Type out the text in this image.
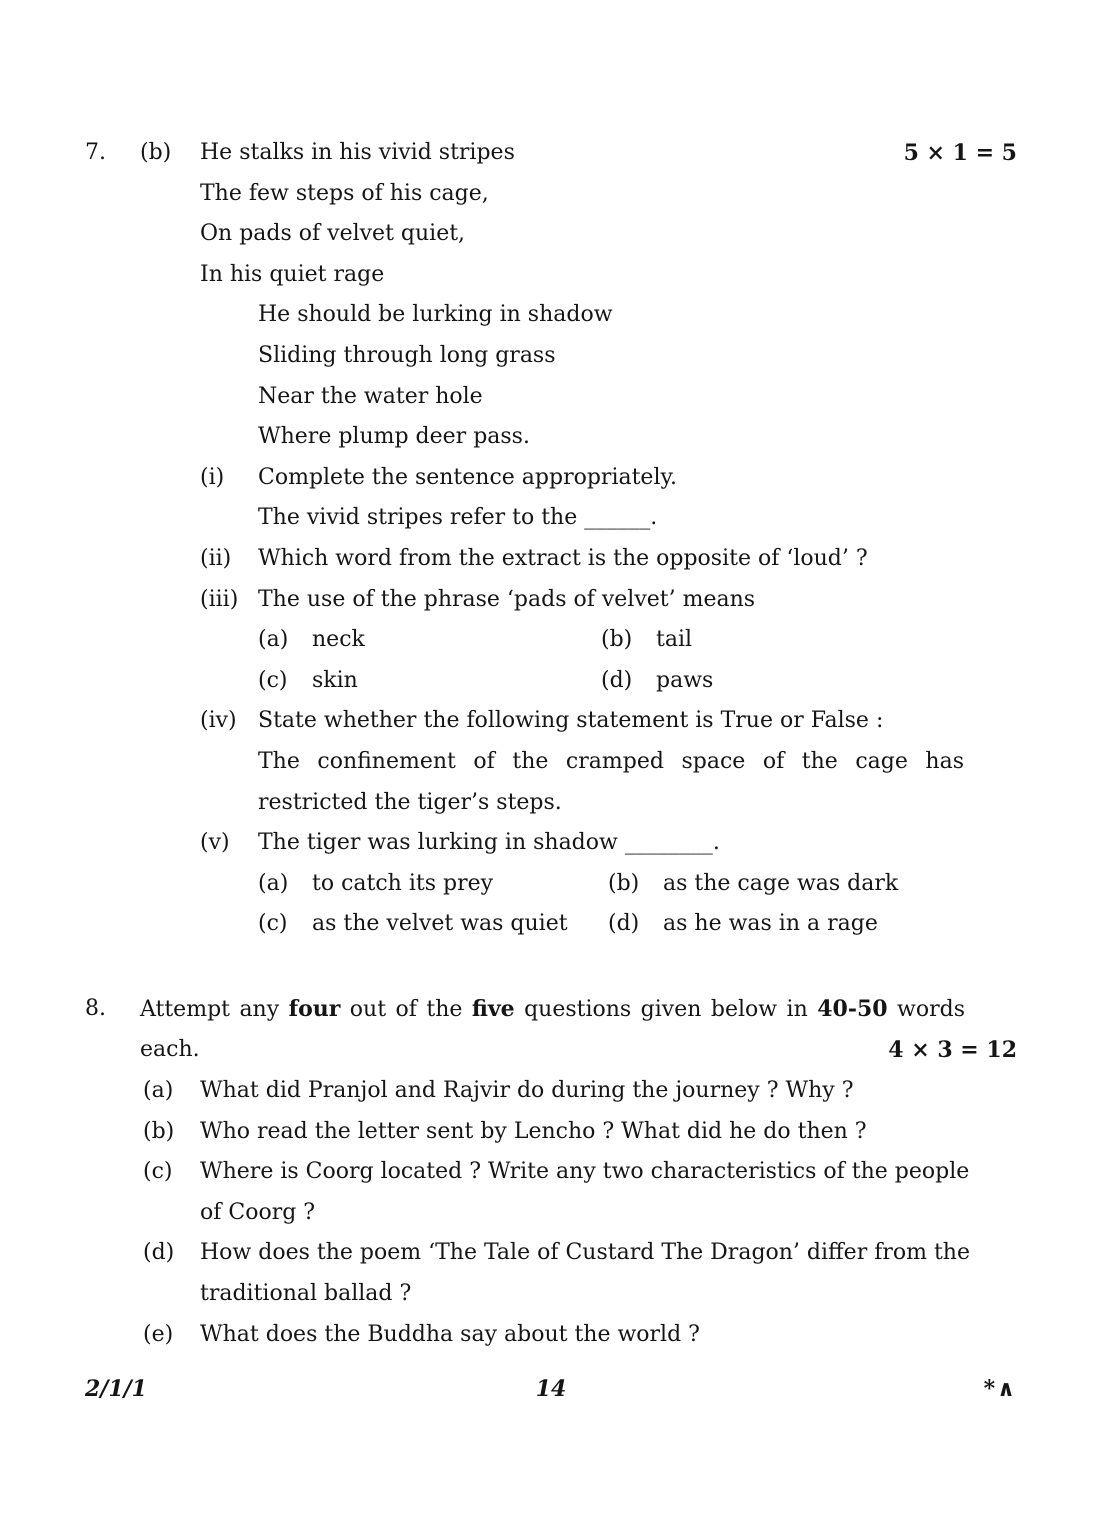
7.	(b)	He stalks in his vivid stripes	5 × 1 = 5
The few steps of his cage,
On pads of velvet quiet,
In his quiet rage
He should be lurking in shadow
Sliding through long grass
Near the water hole
Where plump deer pass.
(i)	Complete the sentence appropriately.
The vivid stripes refer to the ______.
(ii)	Which word from the extract is the opposite of ‘loud’ ?
(iii) The use of the phrase ‘pads of velvet’ means
(a)	neck	(b)	tail
(c)	skin	(d)	paws
(iv) State whether the following statement is True or False :
The confinement of the cramped space of the cage has
restricted the tiger’s steps.
(v)	The tiger was lurking in shadow ________.
(a)	to catch its prey	(b)	as the cage was dark
(c)	as the velvet was quiet	(d)	as he was in a rage
8.	Attempt any four out of the five questions given below in 40-50 words
each.	4 × 3 = 12
(a)	What did Pranjol and Rajvir do during the journey ? Why ?
(b)	Who read the letter sent by Lencho ? What did he do then ?
(c)	Where is Coorg located ? Write any two characteristics of the people
of Coorg ?
(d)	How does the poem ‘The Tale of Custard The Dragon’ differ from the
traditional ballad ?
(e)	What does the Buddha say about the world ?
2/1/1	14	*∧
